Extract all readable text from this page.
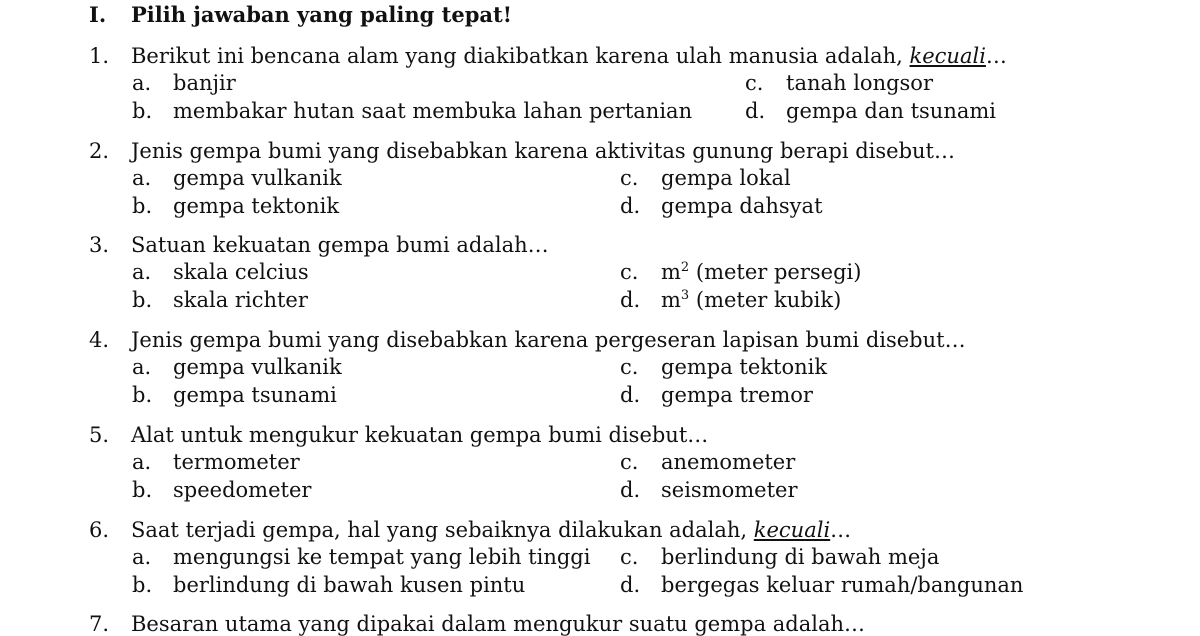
I. Pilih jawaban yang paling tepat!
1. Berikut ini bencana alam yang diakibatkan karena ulah manusia adalah, kecuali…
a. banjir
b. membakar hutan saat membuka lahan pertanian
c. tanah longsor
d. gempa dan tsunami
2. Jenis gempa bumi yang disebabkan karena aktivitas gunung berapi disebut…
a. gempa vulkanik
b. gempa tektonik
c. gempa lokal
d. gempa dahsyat
3. Satuan kekuatan gempa bumi adalah…
a. skala celcius
b. skala richter
c. $m^2$ (meter persegi)
d. $m^3$ (meter kubik)
4. Jenis gempa bumi yang disebabkan karena pergeseran lapisan bumi disebut…
a. gempa vulkanik
b. gempa tsunami
c. gempa tektonik
d. gempa tremor
5. Alat untuk mengukur kekuatan gempa bumi disebut…
a. termometer
b. speedometer
c. anemometer
d. seismometer
6. Saat terjadi gempa, hal yang sebaiknya dilakukan adalah, kecuali…
a. mengungsi ke tempat yang lebih tinggi
b. berlindung di bawah kusen pintu
c. berlindung di bawah meja
d. bergegas keluar rumah/bangunan
7. Besaran utama yang dipakai dalam mengukur suatu gempa adalah…
